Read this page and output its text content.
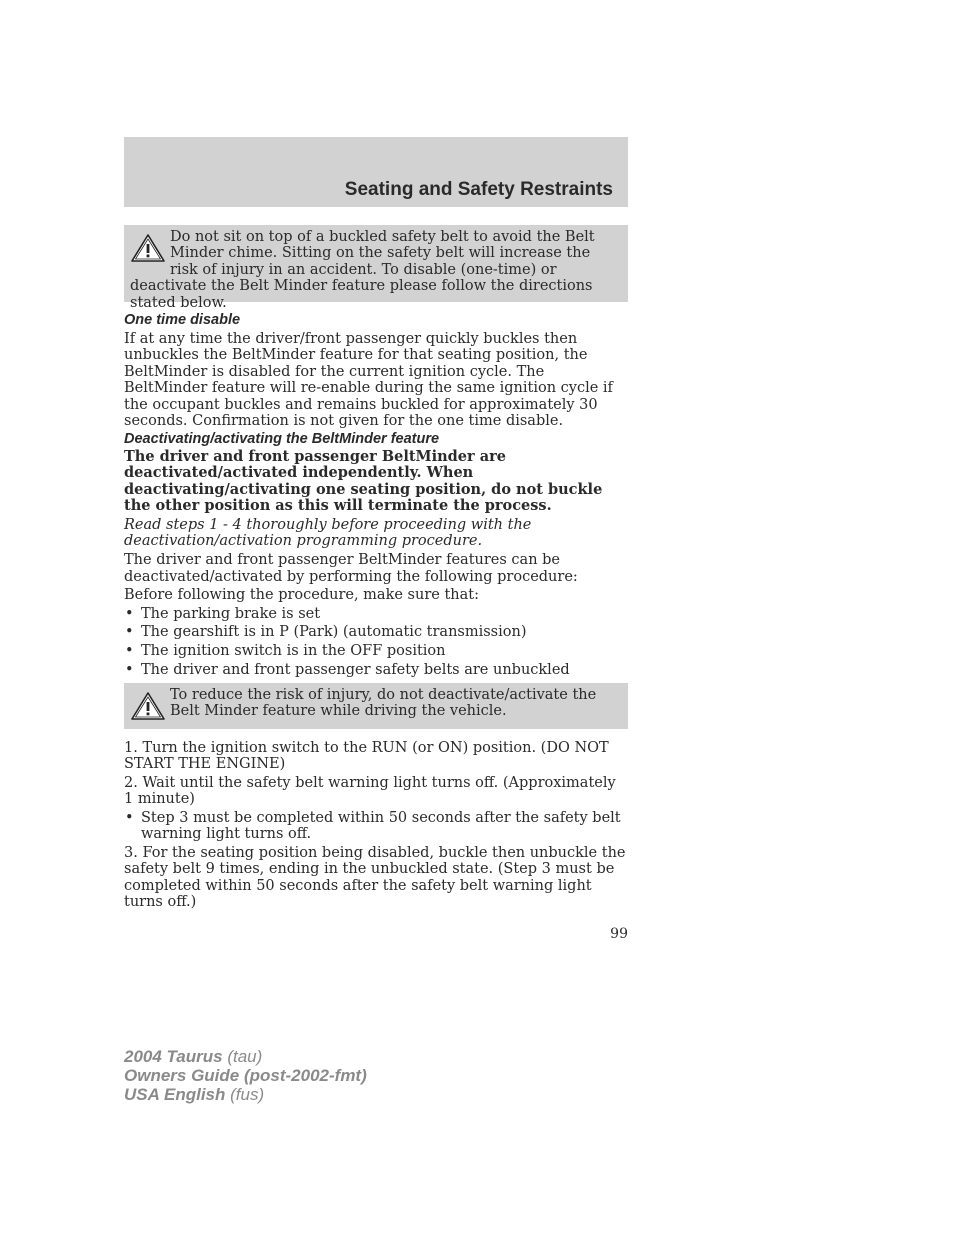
Seating and Safety Restraints

Do not sit on top of a buckled safety belt to avoid the Belt Minder chime. Sitting on the safety belt will increase the risk of injury in an accident. To disable (one-time) or deactivate the Belt Minder feature please follow the directions stated below.

One time disable

If at any time the driver/front passenger quickly buckles then unbuckles the BeltMinder feature for that seating position, the BeltMinder is disabled for the current ignition cycle. The BeltMinder feature will re-enable during the same ignition cycle if the occupant buckles and remains buckled for approximately 30 seconds. Confirmation is not given for the one time disable.

Deactivating/activating the BeltMinder feature

The driver and front passenger BeltMinder are deactivated/activated independently. When deactivating/activating one seating position, do not buckle the other position as this will terminate the process.

Read steps 1 - 4 thoroughly before proceeding with the deactivation/activation programming procedure.

The driver and front passenger BeltMinder features can be deactivated/activated by performing the following procedure:

Before following the procedure, make sure that:

• The parking brake is set
• The gearshift is in P (Park) (automatic transmission)
• The ignition switch is in the OFF position
• The driver and front passenger safety belts are unbuckled

To reduce the risk of injury, do not deactivate/activate the Belt Minder feature while driving the vehicle.

1. Turn the ignition switch to the RUN (or ON) position. (DO NOT START THE ENGINE)

2. Wait until the safety belt warning light turns off. (Approximately 1 minute)

• Step 3 must be completed within 50 seconds after the safety belt warning light turns off.

3. For the seating position being disabled, buckle then unbuckle the safety belt 9 times, ending in the unbuckled state. (Step 3 must be completed within 50 seconds after the safety belt warning light turns off.)

99
2004 Taurus (tau)
Owners Guide (post-2002-fmt)
USA English (fus)
